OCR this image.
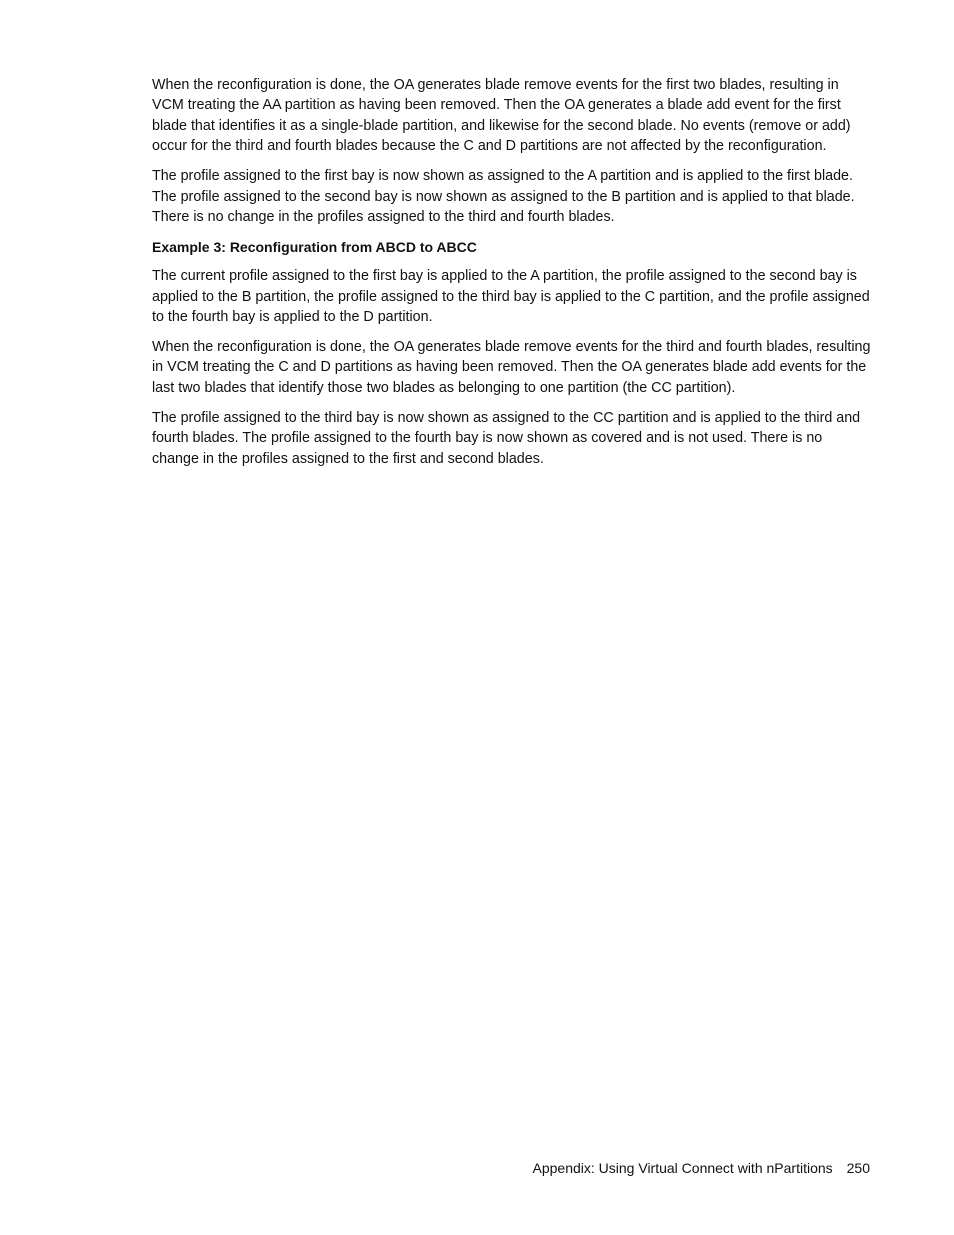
When the reconfiguration is done, the OA generates blade remove events for the first two blades, resulting in VCM treating the AA partition as having been removed. Then the OA generates a blade add event for the first blade that identifies it as a single-blade partition, and likewise for the second blade. No events (remove or add) occur for the third and fourth blades because the C and D partitions are not affected by the reconfiguration.

The profile assigned to the first bay is now shown as assigned to the A partition and is applied to the first blade. The profile assigned to the second bay is now shown as assigned to the B partition and is applied to that blade. There is no change in the profiles assigned to the third and fourth blades.

Example 3: Reconfiguration from ABCD to ABCC

The current profile assigned to the first bay is applied to the A partition, the profile assigned to the second bay is applied to the B partition, the profile assigned to the third bay is applied to the C partition, and the profile assigned to the fourth bay is applied to the D partition.

When the reconfiguration is done, the OA generates blade remove events for the third and fourth blades, resulting in VCM treating the C and D partitions as having been removed. Then the OA generates blade add events for the last two blades that identify those two blades as belonging to one partition (the CC partition).

The profile assigned to the third bay is now shown as assigned to the CC partition and is applied to the third and fourth blades. The profile assigned to the fourth bay is now shown as covered and is not used. There is no change in the profiles assigned to the first and second blades.

Appendix: Using Virtual Connect with nPartitions 250
